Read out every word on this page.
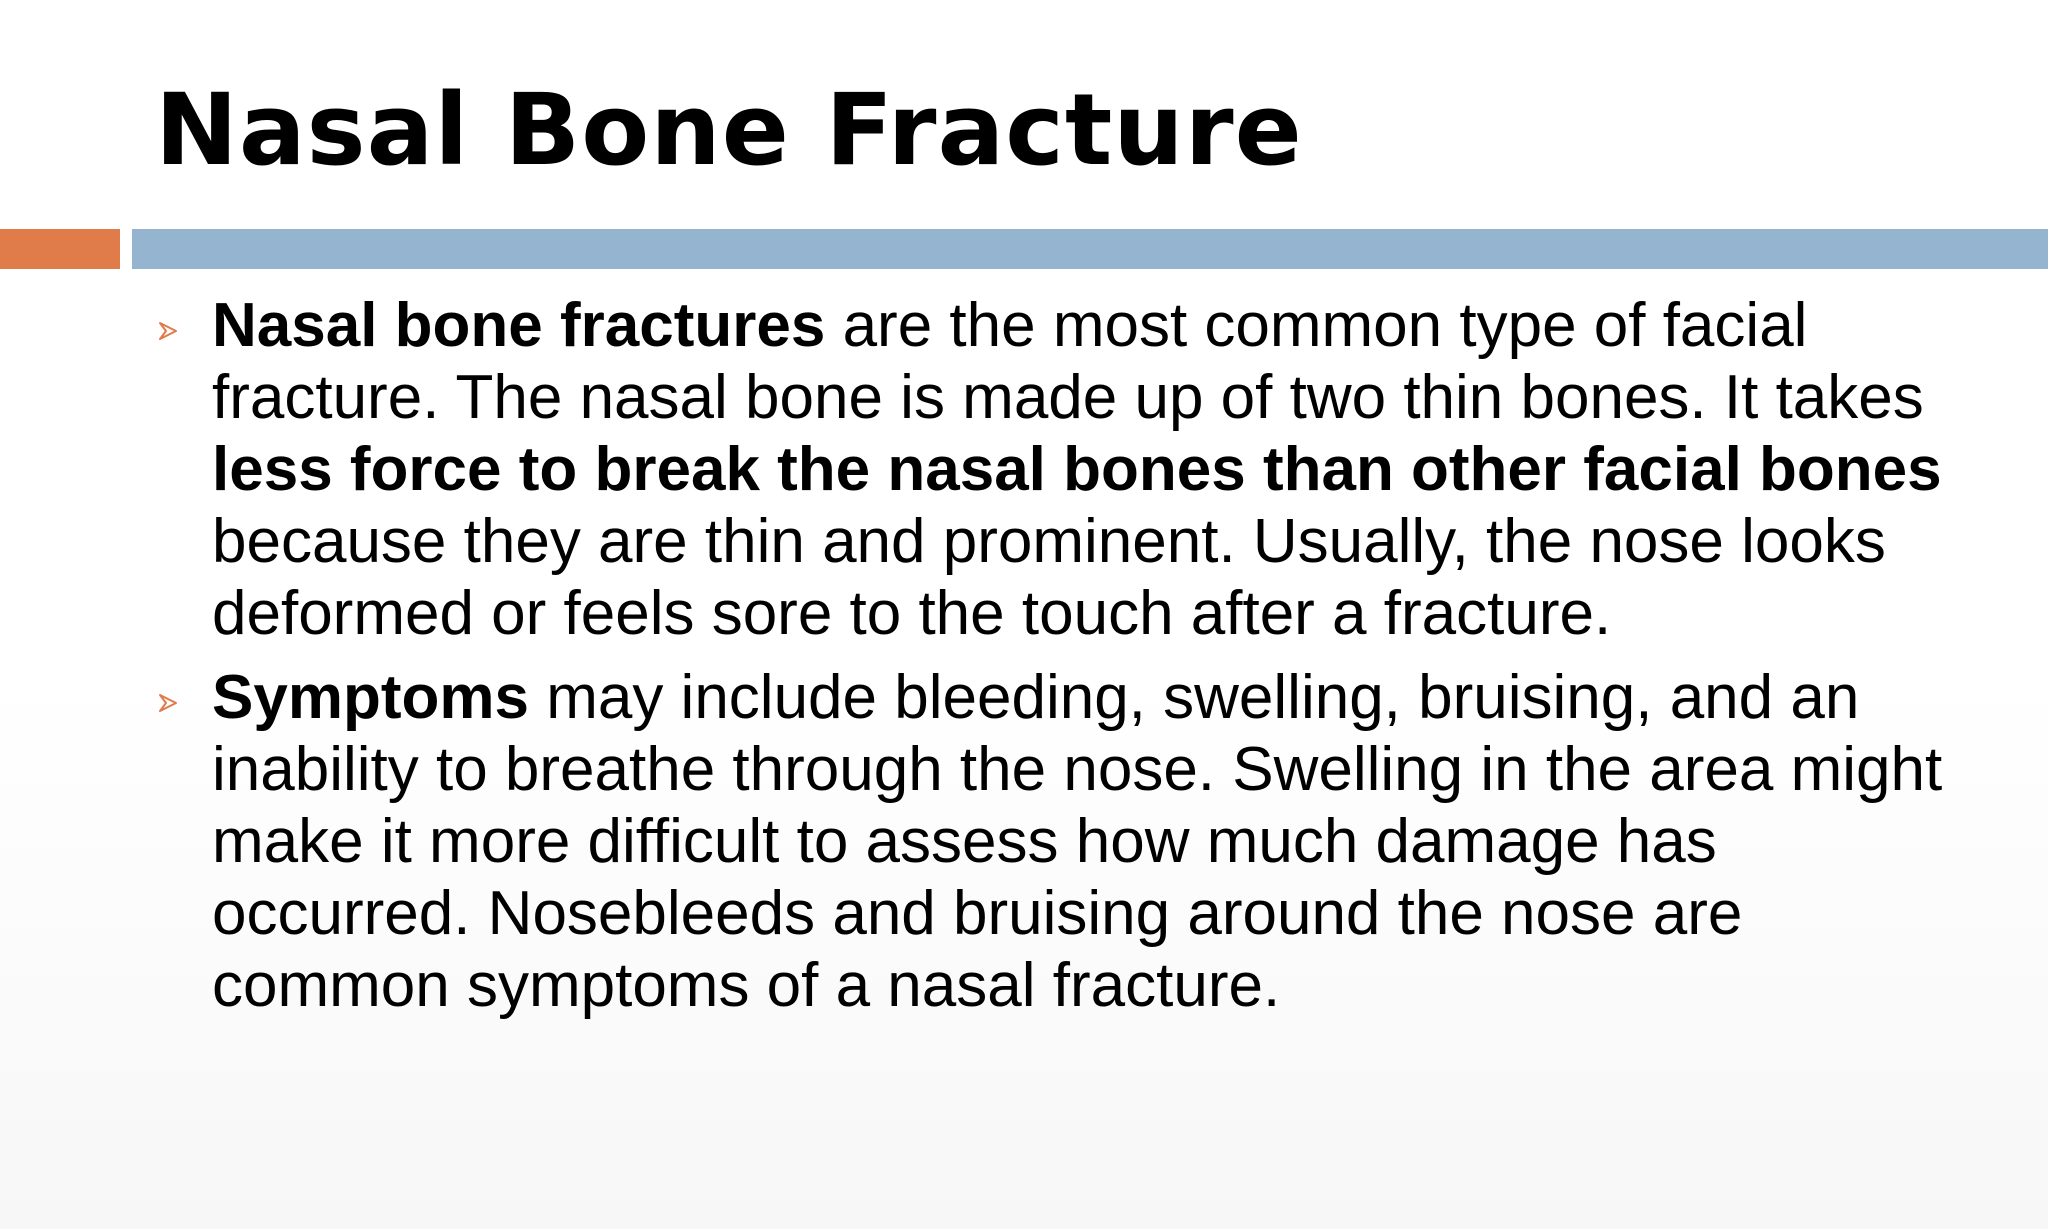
Nasal Bone Fracture
Nasal bone fractures are the most common type of facial fracture. The nasal bone is made up of two thin bones. It takes less force to break the nasal bones than other facial bones because they are thin and prominent. Usually, the nose looks deformed or feels sore to the touch after a fracture.
Symptoms may include bleeding, swelling, bruising, and an inability to breathe through the nose. Swelling in the area might make it more difficult to assess how much damage has occurred. Nosebleeds and bruising around the nose are common symptoms of a nasal fracture.
